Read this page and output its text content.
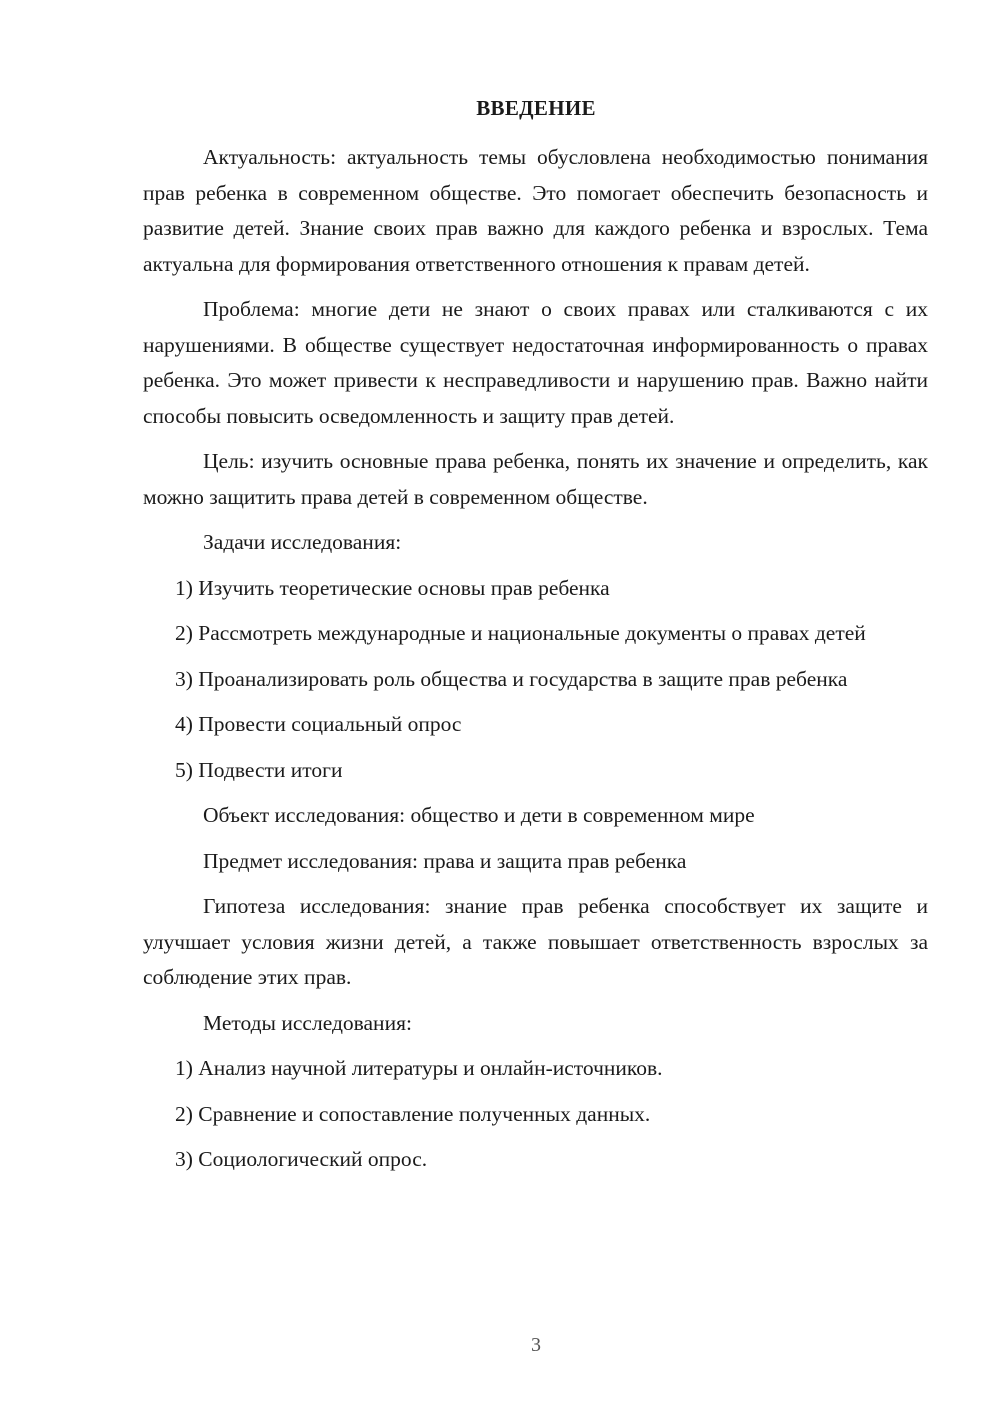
ВВЕДЕНИЕ

Актуальность: актуальность темы обусловлена необходимостью понимания прав ребенка в современном обществе. Это помогает обеспечить безопасность и развитие детей. Знание своих прав важно для каждого ребенка и взрослых. Тема актуальна для формирования ответственного отношения к правам детей.

Проблема: многие дети не знают о своих правах или сталкиваются с их нарушениями. В обществе существует недостаточная информированность о правах ребенка. Это может привести к несправедливости и нарушению прав. Важно найти способы повысить осведомленность и защиту прав детей.

Цель: изучить основные права ребенка, понять их значение и определить, как можно защитить права детей в современном обществе.

Задачи исследования:

1) Изучить теоретические основы прав ребенка

2) Рассмотреть международные и национальные документы о правах детей

3) Проанализировать роль общества и государства в защите прав ребенка

4) Провести социальный опрос

5) Подвести итоги

Объект исследования: общество и дети в современном мире

Предмет исследования: права и защита прав ребенка

Гипотеза исследования: знание прав ребенка способствует их защите и улучшает условия жизни детей, а также повышает ответственность взрослых за соблюдение этих прав.

Методы исследования:

1) Анализ научной литературы и онлайн-источников.

2) Сравнение и сопоставление полученных данных.

3) Социологический опрос.

3
